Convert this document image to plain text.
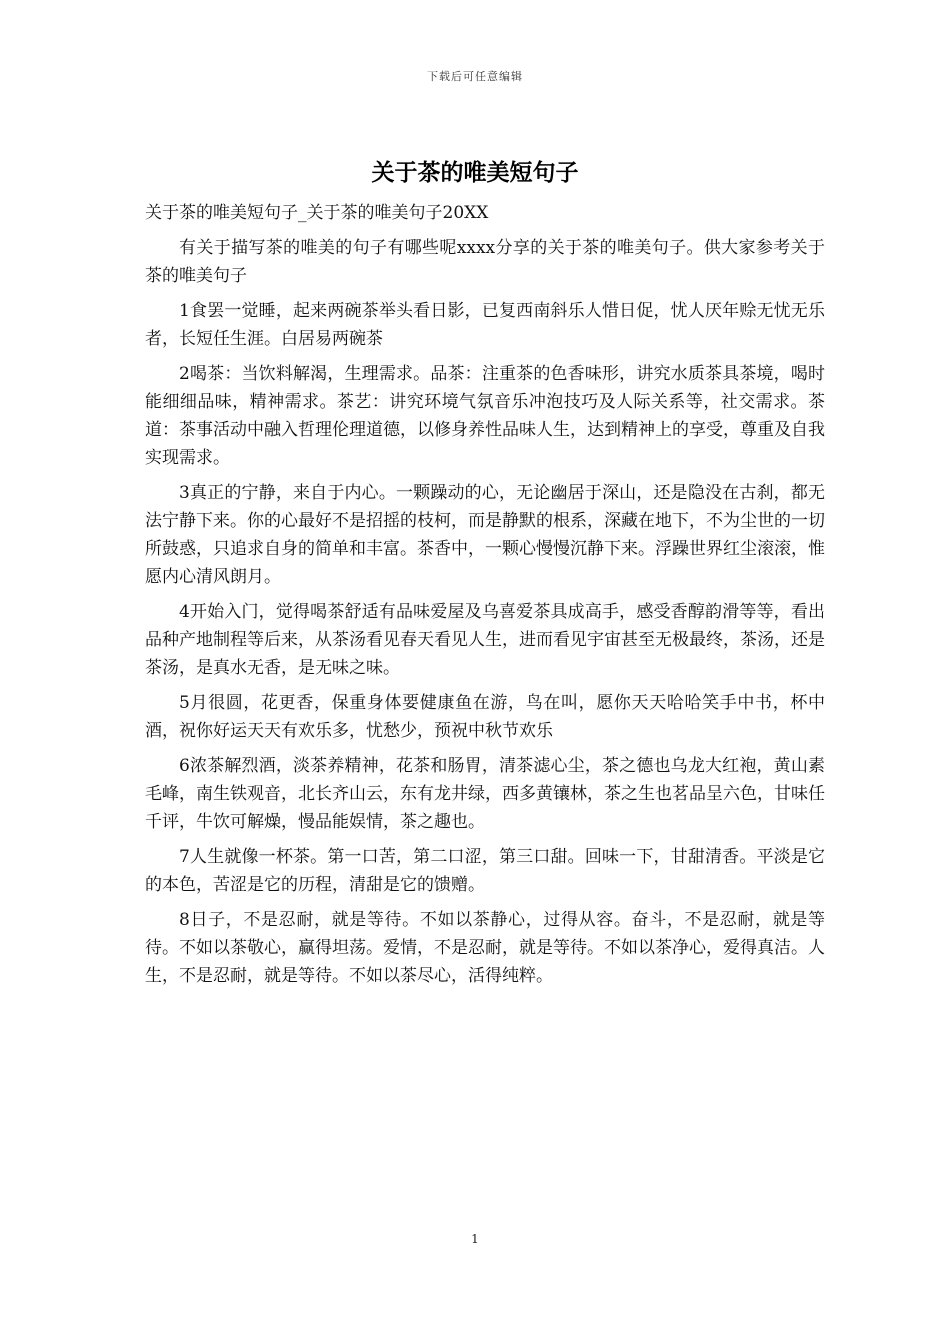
下载后可任意编辑
关于茶的唯美短句子

关于茶的唯美短句子_关于茶的唯美句子20XX

有关于描写茶的唯美的句子有哪些呢xxxx分享的关于茶的唯美句子。供大家参考关于茶的唯美句子

1食罢一觉睡，起来两碗茶举头看日影，已复西南斜乐人惜日促，忧人厌年赊无忧无乐者，长短任生涯。白居易两碗茶

2喝茶：当饮料解渴，生理需求。品茶：注重茶的色香味形，讲究水质茶具茶境，喝时能细细品味，精神需求。茶艺：讲究环境气氛音乐冲泡技巧及人际关系等，社交需求。茶道：茶事活动中融入哲理伦理道德，以修身养性品味人生，达到精神上的享受，尊重及自我实现需求。

3真正的宁静，来自于内心。一颗躁动的心，无论幽居于深山，还是隐没在古刹，都无法宁静下来。你的心最好不是招摇的枝柯，而是静默的根系，深藏在地下，不为尘世的一切所鼓惑，只追求自身的简单和丰富。茶香中，一颗心慢慢沉静下来。浮躁世界红尘滚滚，惟愿内心清风朗月。

4开始入门，觉得喝茶舒适有品味爱屋及乌喜爱茶具成高手，感受香醇韵滑等等，看出品种产地制程等后来，从茶汤看见春天看见人生，进而看见宇宙甚至无极最终，茶汤，还是茶汤，是真水无香，是无味之味。

5月很圆，花更香，保重身体要健康鱼在游，鸟在叫，愿你天天哈哈笑手中书，杯中酒，祝你好运天天有欢乐多，忧愁少，预祝中秋节欢乐

6浓茶解烈酒，淡茶养精神，花茶和肠胃，清茶滤心尘，茶之德也乌龙大红袍，黄山素毛峰，南生铁观音，北长齐山云，东有龙井绿，西多黄镶林，茶之生也茗品呈六色，甘味任千评，牛饮可解燥，慢品能娱情，茶之趣也。

7人生就像一杯茶。第一口苦，第二口涩，第三口甜。回味一下，甘甜清香。平淡是它的本色，苦涩是它的历程，清甜是它的馈赠。

8日子，不是忍耐，就是等待。不如以茶静心，过得从容。奋斗，不是忍耐，就是等待。不如以茶敬心，赢得坦荡。爱情，不是忍耐，就是等待。不如以茶净心，爱得真洁。人生，不是忍耐，就是等待。不如以茶尽心，活得纯粹。

1
